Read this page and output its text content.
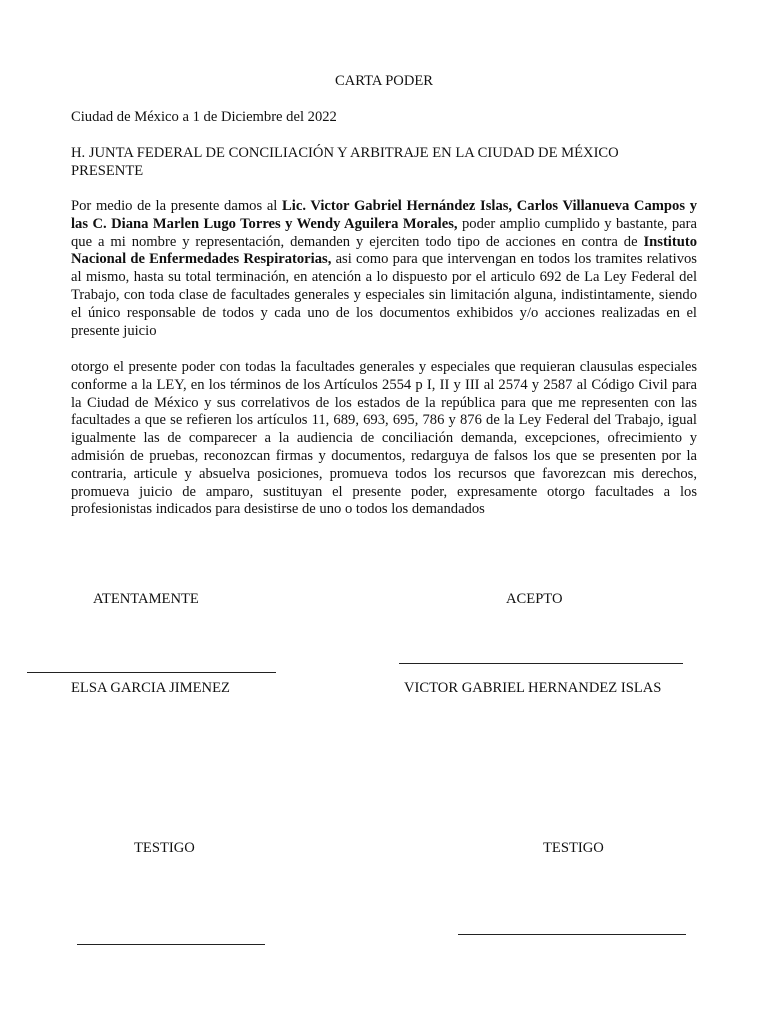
CARTA PODER
Ciudad de México a 1 de Diciembre del 2022
H. JUNTA FEDERAL DE CONCILIACIÓN Y ARBITRAJE EN LA CIUDAD DE MÉXICO
PRESENTE
Por medio de la presente damos al Lic. Victor Gabriel Hernández Islas, Carlos Villanueva Campos y las C. Diana Marlen Lugo Torres y Wendy Aguilera Morales, poder amplio cumplido y bastante, para que a mi nombre y representación, demanden y ejerciten todo tipo de acciones en contra de Instituto Nacional de Enfermedades Respiratorias, asi como para que intervengan en todos los tramites relativos al mismo, hasta su total terminación, en atención a lo dispuesto por el articulo 692 de La Ley Federal del Trabajo, con toda clase de facultades generales y especiales sin limitación alguna, indistintamente, siendo el único responsable de todos y cada uno de los documentos exhibidos y/o acciones realizadas en el presente juicio
otorgo el presente poder con todas la facultades generales y especiales que requieran clausulas especiales conforme a la LEY, en los términos de los Artículos 2554 p I, II y III al 2574 y 2587 al Código Civil para la Ciudad de México y sus correlativos de los estados de la república para que me representen con las facultades a que se refieren los artículos 11, 689, 693, 695, 786 y 876 de la Ley Federal del Trabajo, igual igualmente las de comparecer a la audiencia de conciliación demanda, excepciones, ofrecimiento y admisión de pruebas, reconozcan firmas y documentos, redarguya de falsos los que se presenten por la contraria, articule y absuelva posiciones, promueva todos los recursos que favorezcan mis derechos, promueva juicio de amparo, sustituyan el presente poder, expresamente otorgo facultades a los profesionistas indicados para desistirse de uno o todos los demandados
ATENTAMENTE	ACEPTO
ELSA GARCIA JIMENEZ	VICTOR GABRIEL HERNANDEZ ISLAS
TESTIGO	TESTIGO
